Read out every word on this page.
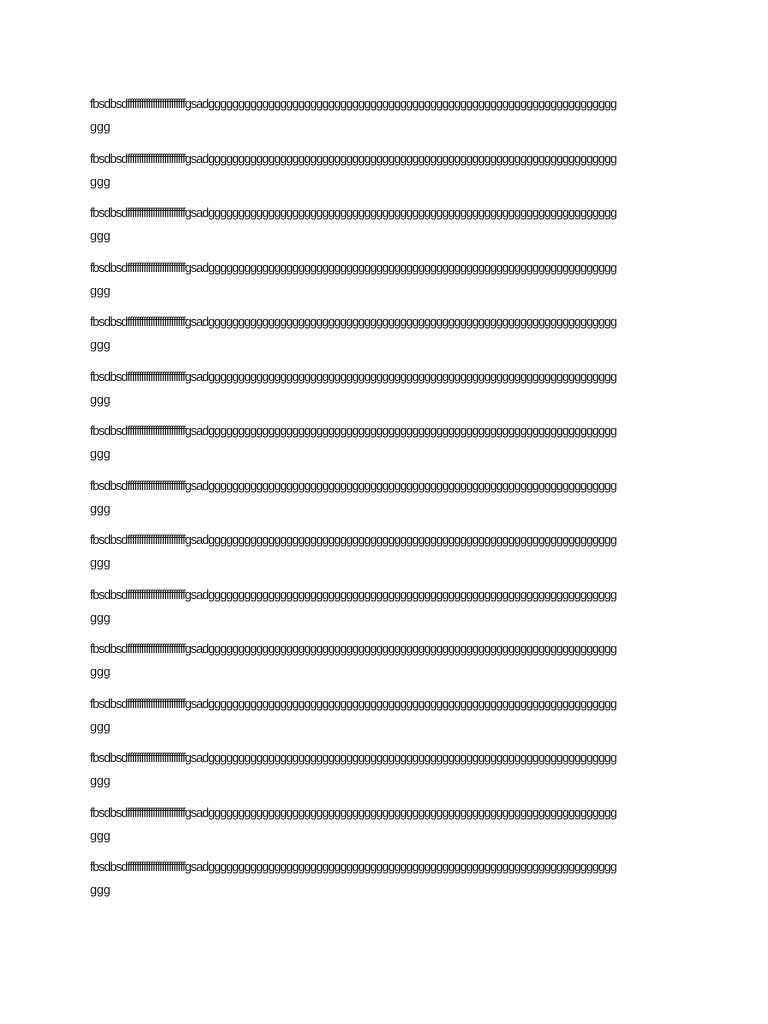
fbsdbsdfffffffffffffffffffffffffgsadgggggggggggggggggggggggggggggggggggggggggggggggggggggggggggggggggggg
ggg

fbsdbsdfffffffffffffffffffffffffgsadgggggggggggggggggggggggggggggggggggggggggggggggggggggggggggggggggggg
ggg

fbsdbsdfffffffffffffffffffffffffgsadgggggggggggggggggggggggggggggggggggggggggggggggggggggggggggggggggggg
ggg

fbsdbsdfffffffffffffffffffffffffgsadgggggggggggggggggggggggggggggggggggggggggggggggggggggggggggggggggggg
ggg

fbsdbsdfffffffffffffffffffffffffgsadgggggggggggggggggggggggggggggggggggggggggggggggggggggggggggggggggggg
ggg

fbsdbsdfffffffffffffffffffffffffgsadgggggggggggggggggggggggggggggggggggggggggggggggggggggggggggggggggggg
ggg

fbsdbsdfffffffffffffffffffffffffgsadgggggggggggggggggggggggggggggggggggggggggggggggggggggggggggggggggggg
ggg

fbsdbsdfffffffffffffffffffffffffgsadgggggggggggggggggggggggggggggggggggggggggggggggggggggggggggggggggggg
ggg

fbsdbsdfffffffffffffffffffffffffgsadgggggggggggggggggggggggggggggggggggggggggggggggggggggggggggggggggggg
ggg

fbsdbsdfffffffffffffffffffffffffgsadgggggggggggggggggggggggggggggggggggggggggggggggggggggggggggggggggggg
ggg

fbsdbsdfffffffffffffffffffffffffgsadgggggggggggggggggggggggggggggggggggggggggggggggggggggggggggggggggggg
ggg

fbsdbsdfffffffffffffffffffffffffgsadgggggggggggggggggggggggggggggggggggggggggggggggggggggggggggggggggggg
ggg

fbsdbsdfffffffffffffffffffffffffgsadgggggggggggggggggggggggggggggggggggggggggggggggggggggggggggggggggggg
ggg

fbsdbsdfffffffffffffffffffffffffgsadgggggggggggggggggggggggggggggggggggggggggggggggggggggggggggggggggggg
ggg

fbsdbsdfffffffffffffffffffffffffgsadgggggggggggggggggggggggggggggggggggggggggggggggggggggggggggggggggggg
ggg
